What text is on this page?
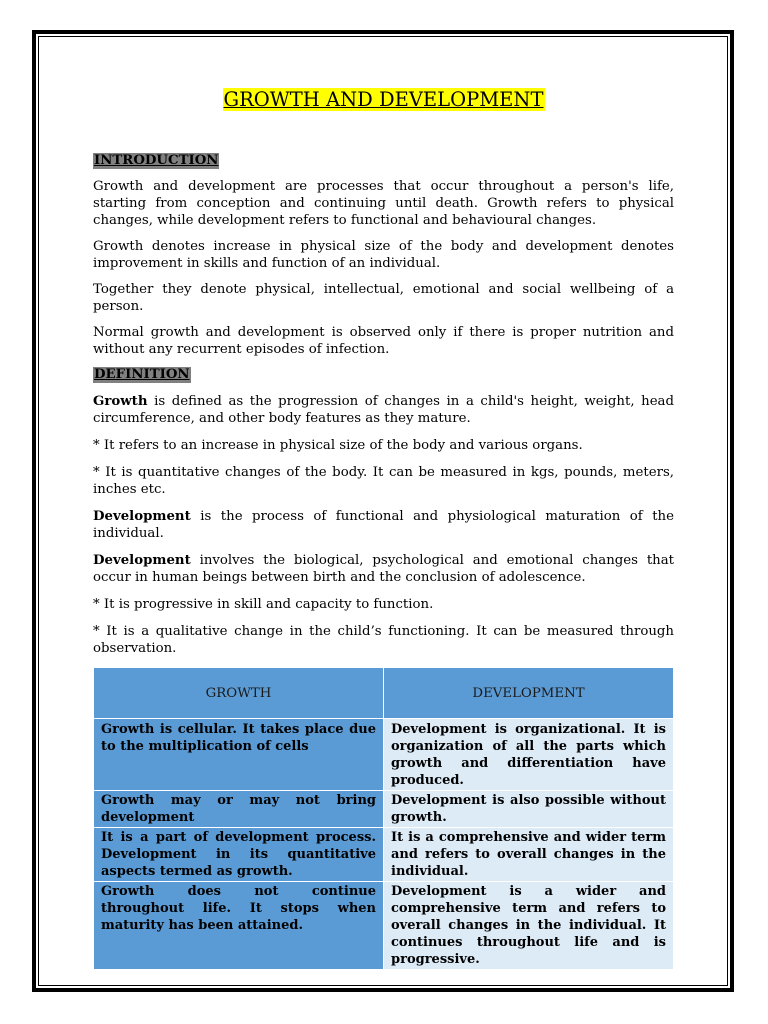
GROWTH AND DEVELOPMENT
INTRODUCTION

Growth and development are processes that occur throughout a person's life, starting from conception and continuing until death. Growth refers to physical changes, while development refers to functional and behavioural changes.

Growth denotes increase in physical size of the body and development denotes improvement in skills and function of an individual.

Together they denote physical, intellectual, emotional and social wellbeing of a person.

Normal growth and development is observed only if there is proper nutrition and without any recurrent episodes of infection.

DEFINITION

Growth is defined as the progression of changes in a child's height, weight, head circumference, and other body features as they mature.

* It refers to an increase in physical size of the body and various organs.

* It is quantitative changes of the body. It can be measured in kgs, pounds, meters, inches etc.

Development is the process of functional and physiological maturation of the individual.

Development involves the biological, psychological and emotional changes that occur in human beings between birth and the conclusion of adolescence.

* It is progressive in skill and capacity to function.

* It is a qualitative change in the child’s functioning. It can be measured through observation.

GROWTH	DEVELOPMENT
Growth is cellular. It takes place due to the multiplication of cells	Development is organizational. It is organization of all the parts which growth and differentiation have produced.
Growth may or may not bring development	Development is also possible without growth.
It is a part of development process. Development in its quantitative aspects termed as growth.	It is a comprehensive and wider term and refers to overall changes in the individual.
Growth does not continue throughout life. It stops when maturity has been attained.	Development is a wider and comprehensive term and refers to overall changes in the individual. It continues throughout life and is progressive.
